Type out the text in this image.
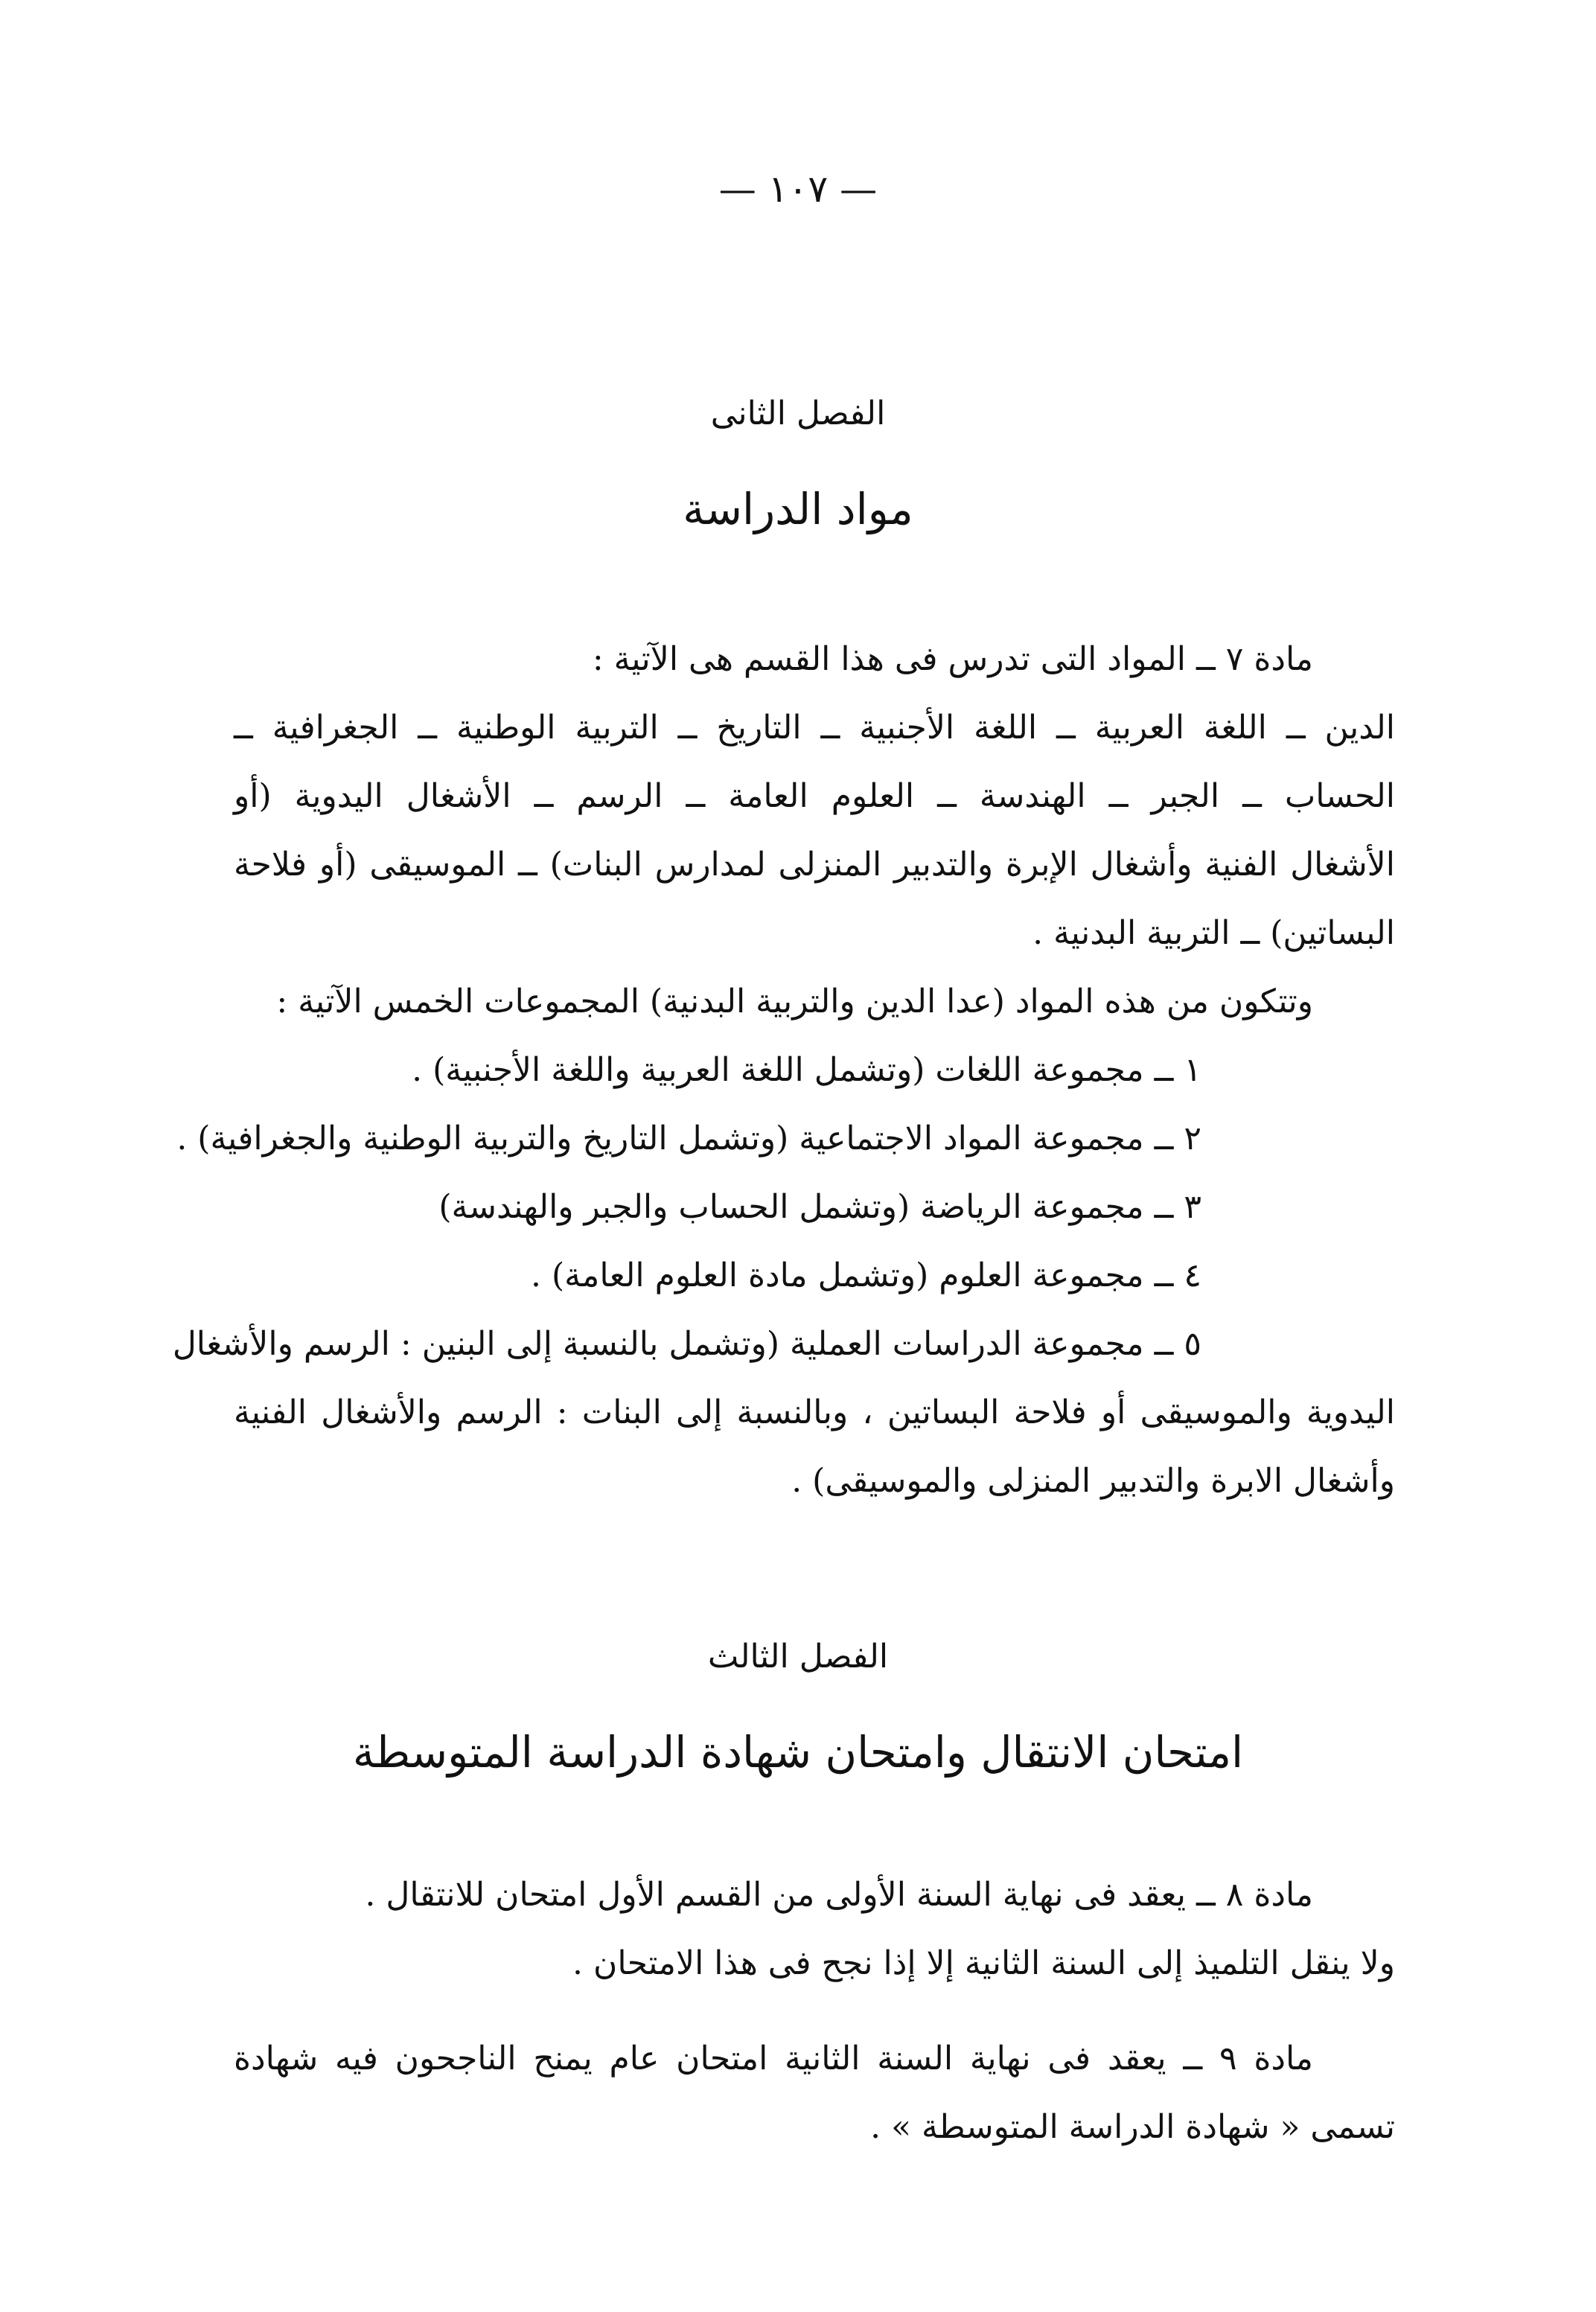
— ١٠٧ —
الفصل الثانى
مواد الدراسة
مادة ٧ ــ المواد التى تدرس فى هذا القسم هى الآتية :
الدين ــ اللغة العربية ــ اللغة الأجنبية ــ التاريخ ــ التربية الوطنية ــ الجغرافية ــ
الحساب ــ الجبر ــ الهندسة ــ العلوم العامة ــ الرسم ــ الأشغال اليدوية (أو
الأشغال الفنية وأشغال الإبرة والتدبير المنزلى لمدارس البنات) ــ الموسيقى (أو فلاحة
البساتين) ــ التربية البدنية .
وتتكون من هذه المواد (عدا الدين والتربية البدنية) المجموعات الخمس الآتية :
١ ــ مجموعة اللغات (وتشمل اللغة العربية واللغة الأجنبية) .
٢ ــ مجموعة المواد الاجتماعية (وتشمل التاريخ والتربية الوطنية والجغرافية) .
٣ ــ مجموعة الرياضة (وتشمل الحساب والجبر والهندسة)
٤ ــ مجموعة العلوم (وتشمل مادة العلوم العامة) .
٥ ــ مجموعة الدراسات العملية (وتشمل بالنسبة إلى البنين : الرسم والأشغال
اليدوية والموسيقى أو فلاحة البساتين ، وبالنسبة إلى البنات : الرسم والأشغال الفنية
وأشغال الابرة والتدبير المنزلى والموسيقى) .
الفصل الثالث
امتحان الانتقال وامتحان شهادة الدراسة المتوسطة
مادة ٨ ــ يعقد فى نهاية السنة الأولى من القسم الأول امتحان للانتقال .
ولا ينقل التلميذ إلى السنة الثانية إلا إذا نجح فى هذا الامتحان .
مادة ٩ ــ يعقد فى نهاية السنة الثانية امتحان عام يمنح الناجحون فيه شهادة
تسمى « شهادة الدراسة المتوسطة » .
